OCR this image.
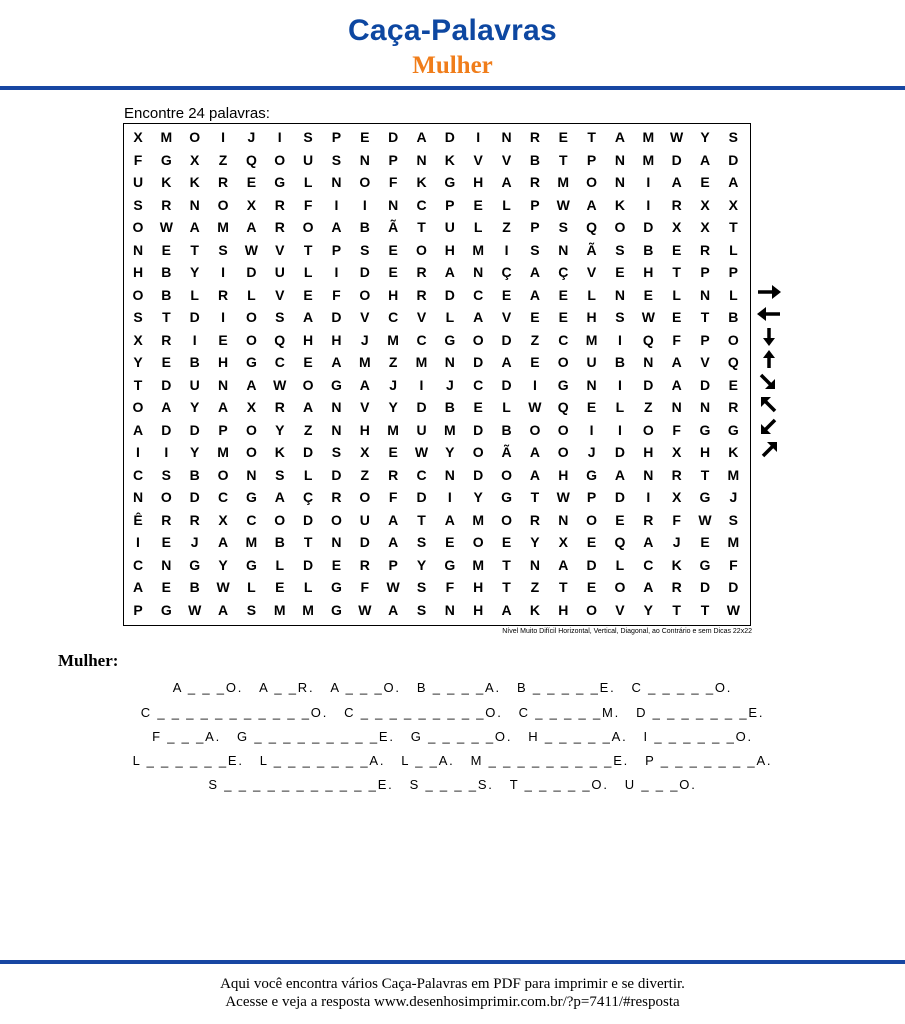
Caça-Palavras
Mulher
Encontre 24 palavras:
X	M	O	I	J	I	S	P	E	D	A	D	I	N	R	E	T	A	M	W	Y	S
F	G	X	Z	Q	O	U	S	N	P	N	K	V	V	B	T	P	N	M	D	A	D
U	K	K	R	E	G	L	N	O	F	K	G	H	A	R	M	O	N	I	A	E	A
S	R	N	O	X	R	F	I	I	N	C	P	E	L	P	W	A	K	I	R	X	X
O	W	A	M	A	R	O	A	B	Ã	T	U	L	Z	P	S	Q	O	D	X	X	T
N	E	T	S	W	V	T	P	S	E	O	H	M	I	S	N	Ã	S	B	E	R	L
H	B	Y	I	D	U	L	I	D	E	R	A	N	Ç	A	Ç	V	E	H	T	P	P
O	B	L	R	L	V	E	F	O	H	R	D	C	E	A	E	L	N	E	L	N	L
S	T	D	I	O	S	A	D	V	C	V	L	A	V	E	E	H	S	W	E	T	B
X	R	I	E	O	Q	H	H	J	M	C	G	O	D	Z	C	M	I	Q	F	P	O
Y	E	B	H	G	C	E	A	M	Z	M	N	D	A	E	O	U	B	N	A	V	Q
T	D	U	N	A	W	O	G	A	J	I	J	C	D	I	G	N	I	D	A	D	E
O	A	Y	A	X	R	A	N	V	Y	D	B	E	L	W	Q	E	L	Z	N	N	R
A	D	D	P	O	Y	Z	N	H	M	U	M	D	B	O	O	I	I	O	F	G	G
I	I	Y	M	O	K	D	S	X	E	W	Y	O	Ã	A	O	J	D	H	X	H	K
C	S	B	O	N	S	L	D	Z	R	C	N	D	O	A	H	G	A	N	R	T	M
N	O	D	C	G	A	Ç	R	O	F	D	I	Y	G	T	W	P	D	I	X	G	J
Ê	R	R	X	C	O	D	O	U	A	T	A	M	O	R	N	O	E	R	F	W	S
I	E	J	A	M	B	T	N	D	A	S	E	O	E	Y	X	E	Q	A	J	E	M
C	N	G	Y	G	L	D	E	R	P	Y	G	M	T	N	A	D	L	C	K	G	F
A	E	B	W	L	E	L	G	F	W	S	F	H	T	Z	T	E	O	A	R	D	D
P	G	W	A	S	M	M	G	W	A	S	N	H	A	K	H	O	V	Y	T	T	W
Nível Muito Difícil Horizontal, Vertical, Diagonal, ao Contrário e sem Dicas 22x22
Mulher:
A _ _ _O. A _ _R. A _ _ _O. B _ _ _ _A. B _ _ _ _ _E. C _ _ _ _ _O.
C _ _ _ _ _ _ _ _ _ _ _O. C _ _ _ _ _ _ _ _ _O. C _ _ _ _ _M. D _ _ _ _ _ _ _E.
F _ _ _A. G _ _ _ _ _ _ _ _ _E. G _ _ _ _ _O. H _ _ _ _ _A. I _ _ _ _ _ _O.
L _ _ _ _ _ _E. L _ _ _ _ _ _ _A. L _ _A. M _ _ _ _ _ _ _ _ _E. P _ _ _ _ _ _ _A.
S _ _ _ _ _ _ _ _ _ _ _E. S _ _ _ _S. T _ _ _ _ _O. U _ _ _O.
Aqui você encontra vários Caça-Palavras em PDF para imprimir e se divertir.
Acesse e veja a resposta www.desenhosimprimir.com.br/?p=7411/#resposta
